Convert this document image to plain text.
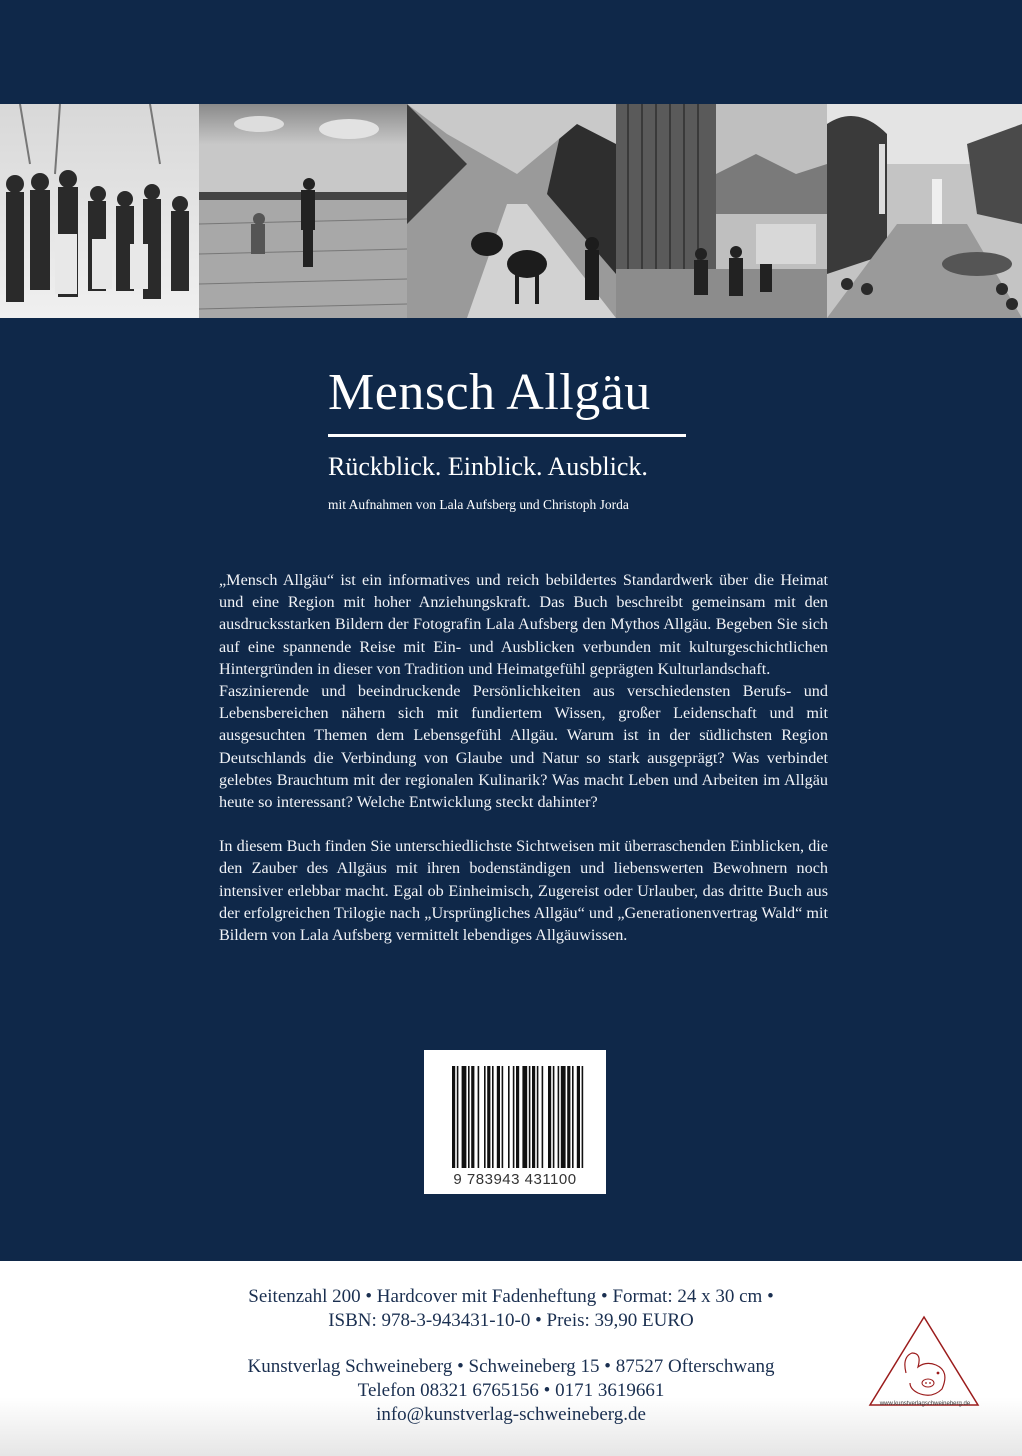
Mensch Allgäu
Rückblick. Einblick. Ausblick.
mit Aufnahmen von Lala Aufsberg und Christoph Jorda

„Mensch Allgäu“ ist ein informatives und reich bebildertes Standardwerk über die Heimat und eine Region mit hoher Anziehungskraft. Das Buch beschreibt gemeinsam mit den ausdrucksstarken Bildern der Fotografin Lala Aufsberg den Mythos Allgäu. Begeben Sie sich auf eine spannende Reise mit Ein- und Ausblicken verbunden mit kulturgeschichtlichen Hintergründen in dieser von Tradition und Heimatgefühl geprägten Kulturlandschaft.

Faszinierende und beeindruckende Persönlichkeiten aus verschiedensten Berufs- und Lebensbereichen nähern sich mit fundiertem Wissen, großer Leidenschaft und mit ausgesuchten Themen dem Lebensgefühl Allgäu. Warum ist in der südlichsten Region Deutschlands die Verbindung von Glaube und Natur so stark ausgeprägt? Was verbindet gelebtes Brauchtum mit der regionalen Kulinarik? Was macht Leben und Arbeiten im Allgäu heute so interessant? Welche Entwicklung steckt dahinter?

In diesem Buch finden Sie unterschiedlichste Sichtweisen mit überraschenden Einblicken, die den Zauber des Allgäus mit ihren bodenständigen und liebenswerten Bewohnern noch intensiver erlebbar macht. Egal ob Einheimisch, Zugereist oder Urlauber, das dritte Buch aus der erfolgreichen Trilogie nach „Ursprüngliches Allgäu“ und „Generationenvertrag Wald“ mit Bildern von Lala Aufsberg vermittelt lebendiges Allgäuwissen.

9 783943 431100
Seitenzahl 200 • Hardcover mit Fadenheftung • Format: 24 x 30 cm •
ISBN: 978-3-943431-10-0 • Preis: 39,90 EURO
Kunstverlag Schweineberg • Schweineberg 15 • 87527 Ofterschwang
Telefon 08321 6765156 • 0171 3619661
info@kunstverlag-schweineberg.de	www.kunstverlagschweineberg.de
